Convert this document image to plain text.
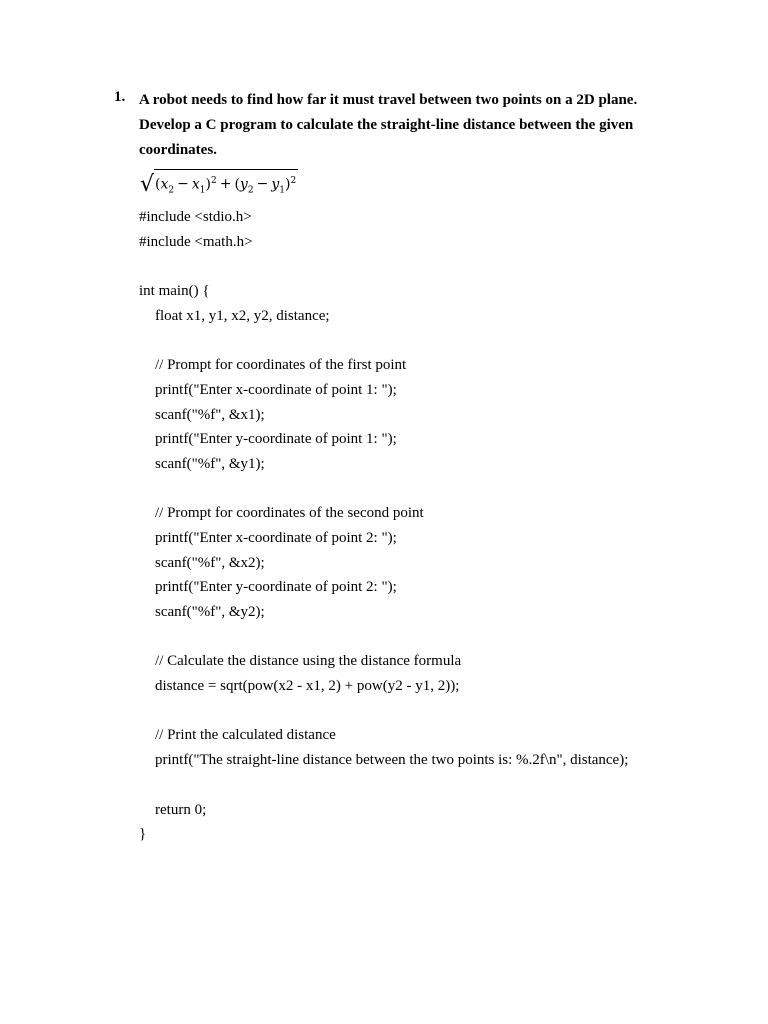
1. A robot needs to find how far it must travel between two points on a 2D plane.
Develop a C program to calculate the straight-line distance between the given
coordinates.
√ $(x_2 - x_1)^2 + (y_2 - y_1)^2$
#include <stdio.h>
#include <math.h>
int main() {
float x1, y1, x2, y2, distance;
// Prompt for coordinates of the first point
printf("Enter x-coordinate of point 1: ");
scanf("%f", &x1);
printf("Enter y-coordinate of point 1: ");
scanf("%f", &y1);
// Prompt for coordinates of the second point
printf("Enter x-coordinate of point 2: ");
scanf("%f", &x2);
printf("Enter y-coordinate of point 2: ");
scanf("%f", &y2);
// Calculate the distance using the distance formula
distance = sqrt(pow(x2 - x1, 2) + pow(y2 - y1, 2));
// Print the calculated distance
printf("The straight-line distance between the two points is: %.2f\n", distance);
return 0;
}
